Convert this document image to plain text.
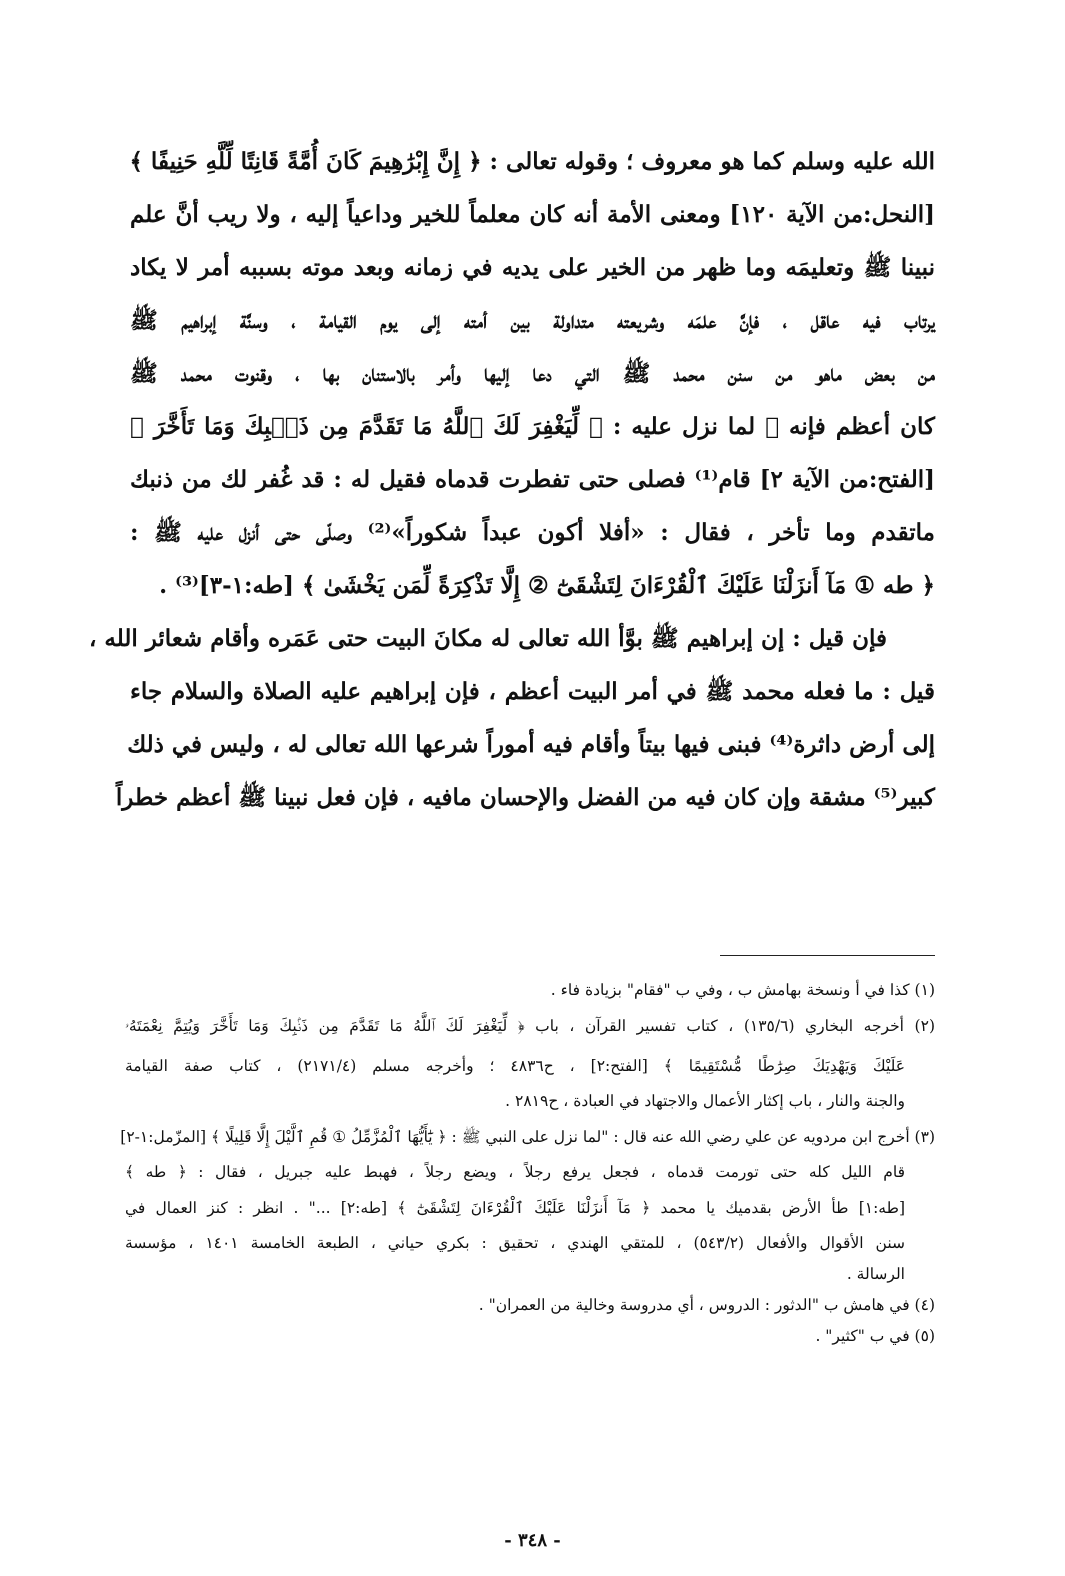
الله عليه وسلم كما هو معروف ؛ وقوله تعالى : ﴿ إِنَّ إِبْرَٰهِيمَ كَانَ أُمَّةً قَانِتًا لِّلَّهِ حَنِيفًا ﴾
[النحل:من الآية ١٢٠] ومعنى الأمة أنه كان معلماً للخير وداعياً إليه ، ولا ريب أنَّ علم
نبينا ﷺ وتعليمَه وما ظهر من الخير على يديه في زمانه وبعد موته بسببه أمر لا يكاد
يرتاب فيه عاقل ، فإنَّ علمَه وشريعته متداولة بين أمته إلى يوم القيامة ، وسنَّة إبراهيم ﷺ
من بعض ماهو من سنن محمد ﷺ التي دعا إليها وأمر بالاستنان بها ، وقنوت محمد ﷺ
كان أعظم فإنه ﷺ لما نزل عليه : ﴿ لِّيَغْفِرَ لَكَ ٱللَّهُ مَا تَقَدَّمَ مِن ذَنۢبِكَ وَمَا تَأَخَّرَ ﴾
[الفتح:من الآية ٢] قام⁽¹⁾ فصلى حتى تفطرت قدماه فقيل له : قد غُفر لك من ذنبك
ماتقدم وما تأخر ، فقال : «أفلا أكون عبداً شكوراً»⁽²⁾ وصلّى حتى أنزل عليه ﷺ :
﴿ طه ① مَآ أَنزَلْنَا عَلَيْكَ ٱلْقُرْءَانَ لِتَشْقَىٰٓ ② إِلَّا تَذْكِرَةً لِّمَن يَخْشَىٰ ﴾ [طه:١-٣]⁽³⁾ .
فإن قيل : إن إبراهيم ﷺ بوَّأ الله تعالى له مكانَ البيت حتى عَمَره وأقام شعائر الله ،
قيل : ما فعله محمد ﷺ في أمر البيت أعظم ، فإن إبراهيم عليه الصلاة والسلام جاء
إلى أرض داثرة⁽⁴⁾ فبنى فيها بيتاً وأقام فيه أموراً شرعها الله تعالى له ، وليس في ذلك
كبير⁽⁵⁾ مشقة وإن كان فيه من الفضل والإحسان مافيه ، فإن فعل نبينا ﷺ أعظم خطراً
(١) كذا في أ ونسخة بهامش ب ، وفي ب "فقام" بزيادة فاء .
(٢) أخرجه البخاري (١٣٥/٦) ، كتاب تفسير القرآن ، باب ﴿ لِّيَغْفِرَ لَكَ ٱللَّهُ مَا تَقَدَّمَ مِن ذَنۢبِكَ وَمَا تَأَخَّرَ وَيُتِمَّ نِعْمَتَهُۥ
عَلَيْكَ وَيَهْدِيَكَ صِرَٰطًا مُّسْتَقِيمًا ﴾ [الفتح:٢] ، ح٤٨٣٦ ؛ وأخرجه مسلم (٢١٧١/٤) ، كتاب صفة القيامة
والجنة والنار ، باب إكثار الأعمال والاجتهاد في العبادة ، ح٢٨١٩ .
(٣) أخرج ابن مردويه عن علي رضي الله عنه قال : "لما نزل على النبي ﷺ : ﴿ يَٰٓأَيُّهَا ٱلْمُزَّمِّلُ ① قُمِ ٱلَّيْلَ إِلَّا قَلِيلًا ﴾ [المزّمل:١-٢]
قام الليل كله حتى تورمت قدماه ، فجعل يرفع رجلاً ، ويضع رجلاً ، فهبط عليه جبريل ، فقال : ﴿ طه ﴾
[طه:١] طأ الأرض بقدميك يا محمد ﴿ مَآ أَنزَلْنَا عَلَيْكَ ٱلْقُرْءَانَ لِتَشْقَىٰٓ ﴾ [طه:٢] ..." . انظر : كنز العمال في
سنن الأقوال والأفعال (٥٤٣/٢) ، للمتقي الهندي ، تحقيق : بكري حياني ، الطبعة الخامسة ١٤٠١ ، مؤسسة
الرسالة .
(٤) في هامش ب "الدثور : الدروس ، أي مدروسة وخالية من العمران" .
(٥) في ب "كثير" .
- ٣٤٨ -
